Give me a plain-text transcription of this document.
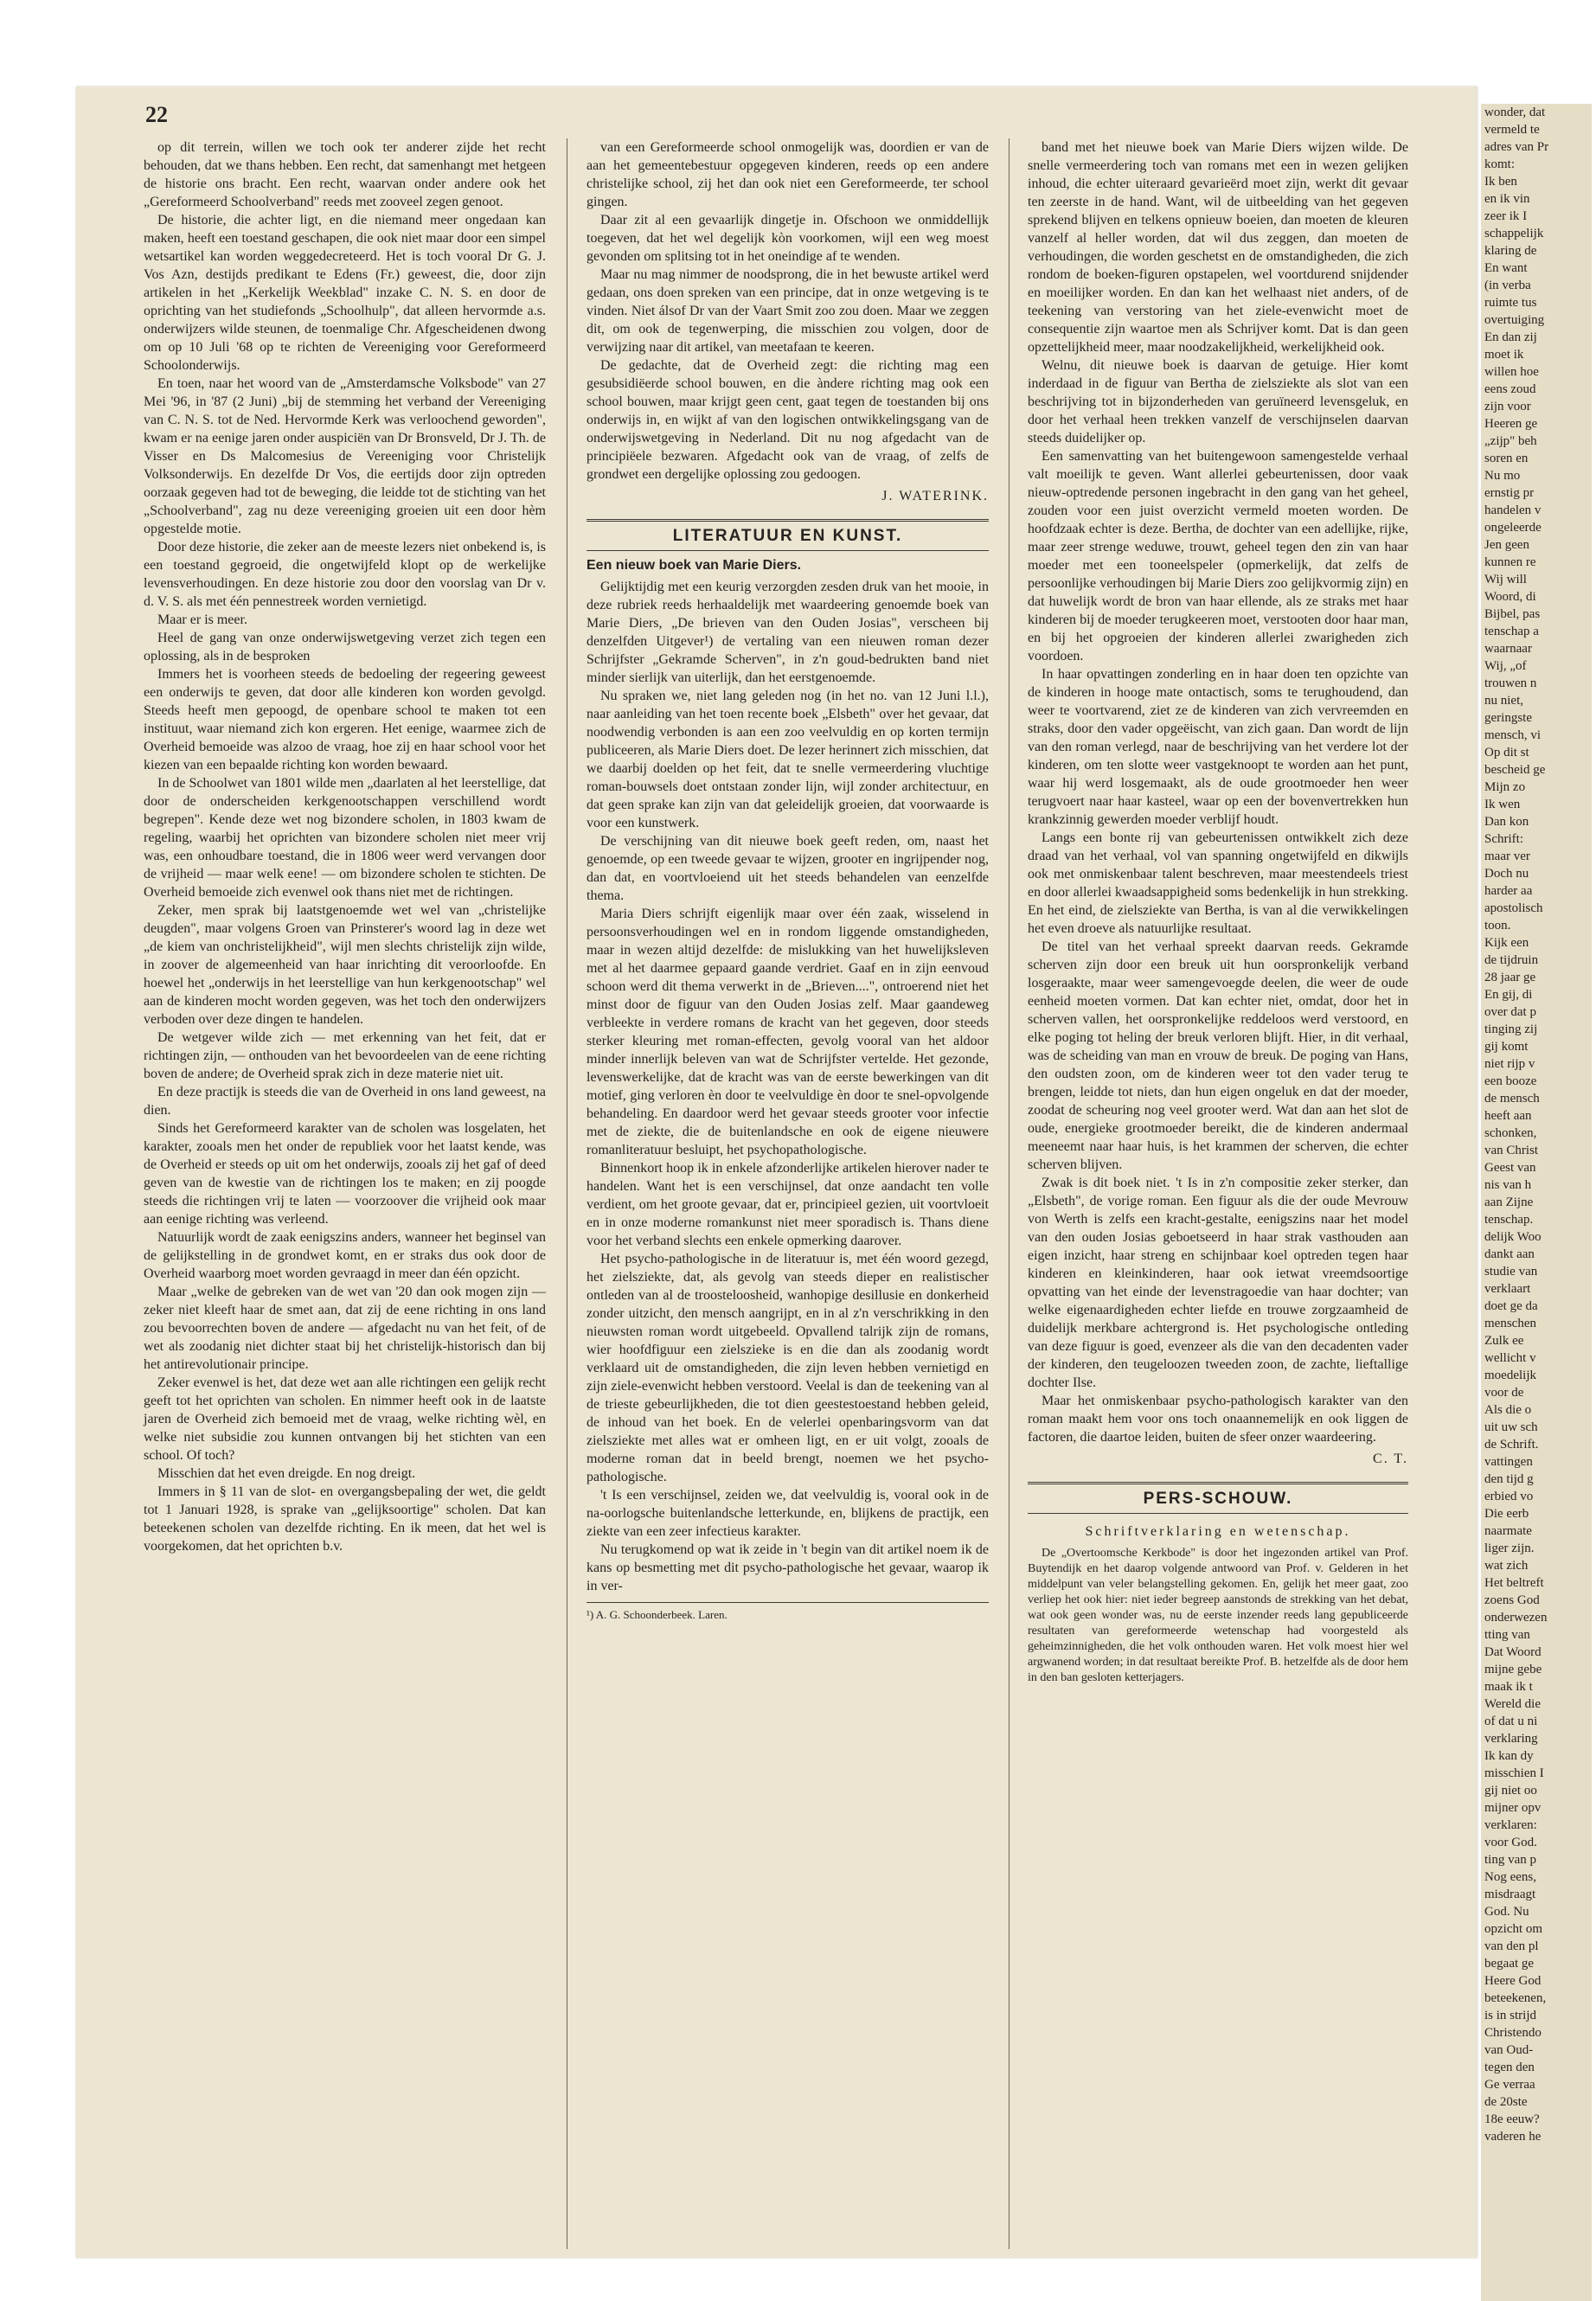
22

op dit terrein, willen we toch ook ter anderer zijde het recht behouden, dat we thans hebben. Een recht, dat samenhangt met hetgeen de historie ons bracht. Een recht, waarvan onder andere ook het „Gereformeerd Schoolverband" reeds met zooveel zegen genoot.

De historie, die achter ligt, en die niemand meer ongedaan kan maken, heeft een toestand geschapen, die ook niet maar door een simpel wetsartikel kan worden weggedecreteerd. Het is toch vooral Dr G. J. Vos Azn, destijds predikant te Edens (Fr.) geweest, die, door zijn artikelen in het „Kerkelijk Weekblad" inzake C. N. S. en door de oprichting van het studiefonds „Schoolhulp", dat alleen hervormde a.s. onderwijzers wilde steunen, de toenmalige Chr. Afgescheidenen dwong om op 10 Juli '68 op te richten de Vereeniging voor Gereformeerd Schoolonderwijs.

En toen, naar het woord van de „Amsterdamsche Volksbode" van 27 Mei '96, in '87 (2 Juni) „bij de stemming het verband der Vereeniging van C. N. S. tot de Ned. Hervormde Kerk was verloochend geworden", kwam er na eenige jaren onder auspiciën van Dr Bronsveld, Dr J. Th. de Visser en Ds Malcomesius de Vereeniging voor Christelijk Volksonderwijs. En dezelfde Dr Vos, die eertijds door zijn optreden oorzaak gegeven had tot de beweging, die leidde tot de stichting van het „Schoolverband", zag nu deze vereeniging groeien uit een door hèm opgestelde motie.

Door deze historie, die zeker aan de meeste lezers niet onbekend is, is een toestand gegroeid, die ongetwijfeld klopt op de werkelijke levensverhoudingen. En deze historie zou door den voorslag van Dr v. d. V. S. als met één pennestreek worden vernietigd.

Maar er is meer.

Heel de gang van onze onderwijswetgeving verzet zich tegen een oplossing, als in de besproken

Immers het is voorheen steeds de bedoeling der regeering geweest een onderwijs te geven, dat door alle kinderen kon worden gevolgd. Steeds heeft men gepoogd, de openbare school te maken tot een instituut, waar niemand zich kon ergeren. Het eenige, waarmee zich de Overheid bemoeide was alzoo de vraag, hoe zij en haar school voor het kiezen van een bepaalde richting kon worden bewaard.

In de Schoolwet van 1801 wilde men „daarlaten al het leerstellige, dat door de onderscheiden kerkgenootschappen verschillend wordt begrepen". Kende deze wet nog bizondere scholen, in 1803 kwam de regeling, waarbij het oprichten van bizondere scholen niet meer vrij was, een onhoudbare toestand, die in 1806 weer werd vervangen door de vrijheid — maar welk eene! — om bizondere scholen te stichten. De Overheid bemoeide zich evenwel ook thans niet met de richtingen.

Zeker, men sprak bij laatstgenoemde wet wel van „christelijke deugden", maar volgens Groen van Prinsterer's woord lag in deze wet „de kiem van onchristelijkheid", wijl men slechts christelijk zijn wilde, in zoover de algemeenheid van haar inrichting dit veroorloofde. En hoewel het „onderwijs in het leerstellige van hun kerkgenootschap" wel aan de kinderen mocht worden gegeven, was het toch den onderwijzers verboden over deze dingen te handelen.

De wetgever wilde zich — met erkenning van het feit, dat er richtingen zijn, — onthouden van het bevoordeelen van de eene richting boven de andere; de Overheid sprak zich in deze materie niet uit.

En deze practijk is steeds die van de Overheid in ons land geweest, na dien.

Sinds het Gereformeerd karakter van de scholen was losgelaten, het karakter, zooals men het onder de republiek voor het laatst kende, was de Overheid er steeds op uit om het onderwijs, zooals zij het gaf of deed geven van de kwestie van de richtingen los te maken; en zij poogde steeds die richtingen vrij te laten — voorzoover die vrijheid ook maar aan eenige richting was verleend.

Natuurlijk wordt de zaak eenigszins anders, wanneer het beginsel van de gelijkstelling in de grondwet komt, en er straks dus ook door de Overheid waarborg moet worden gevraagd in meer dan één opzicht.

Maar „welke de gebreken van de wet van '20 dan ook mogen zijn — zeker niet kleeft haar de smet aan, dat zij de eene richting in ons land zou bevoorrechten boven de andere — afgedacht nu van het feit, of de wet als zoodanig niet dichter staat bij het christelijk-historisch dan bij het antirevolutionair principe.

Zeker evenwel is het, dat deze wet aan alle richtingen een gelijk recht geeft tot het oprichten van scholen. En nimmer heeft ook in de laatste jaren de Overheid zich bemoeid met de vraag, welke richting wèl, en welke niet subsidie zou kunnen ontvangen bij het stichten van een school. Of toch?

Misschien dat het even dreigde. En nog dreigt.

Immers in § 11 van de slot- en overgangsbepaling der wet, die geldt tot 1 Januari 1928, is sprake van „gelijksoortige" scholen. Dat kan beteekenen scholen van dezelfde richting. En ik meen, dat het wel is voorgekomen, dat het oprichten b.v.

van een Gereformeerde school onmogelijk was, doordien er van de aan het gemeentebestuur opgegeven kinderen, reeds op een andere christelijke school, zij het dan ook niet een Gereformeerde, ter school gingen.

Daar zit al een gevaarlijk dingetje in. Ofschoon we onmiddellijk toegeven, dat het wel degelijk kòn voorkomen, wijl een weg moest gevonden om splitsing tot in het oneindige af te wenden.

Maar nu mag nimmer de noodsprong, die in het bewuste artikel werd gedaan, ons doen spreken van een principe, dat in onze wetgeving is te vinden. Niet álsof Dr van der Vaart Smit zoo zou doen. Maar we zeggen dit, om ook de tegenwerping, die misschien zou volgen, door de verwijzing naar dit artikel, van meetafaan te keeren.

De gedachte, dat de Overheid zegt: die richting mag een gesubsidiëerde school bouwen, en die àndere richting mag ook een school bouwen, maar krijgt geen cent, gaat tegen de toestanden bij ons onderwijs in, en wijkt af van den logischen ontwikkelingsgang van de onderwijswetgeving in Nederland. Dit nu nog afgedacht van de principiëele bezwaren. Afgedacht ook van de vraag, of zelfs de grondwet een dergelijke oplossing zou gedoogen.

J. WATERINK.
LITERATUUR EN KUNST.
Een nieuw boek van Marie Diers.

Gelijktijdig met een keurig verzorgden zesden druk van het mooie, in deze rubriek reeds herhaaldelijk met waardeering genoemde boek van Marie Diers, „De brieven van den Ouden Josias", verscheen bij denzelfden Uitgever¹) de vertaling van een nieuwen roman dezer Schrijfster „Gekramde Scherven", in z'n goud-bedrukten band niet minder sierlijk van uiterlijk, dan het eerstgenoemde.

Nu spraken we, niet lang geleden nog (in het no. van 12 Juni l.l.), naar aanleiding van het toen recente boek „Elsbeth" over het gevaar, dat noodwendig verbonden is aan een zoo veelvuldig en op korten termijn publiceeren, als Marie Diers doet. De lezer herinnert zich misschien, dat we daarbij doelden op het feit, dat te snelle vermeerdering vluchtige roman-bouwsels doet ontstaan zonder lijn, wijl zonder architectuur, en dat geen sprake kan zijn van dat geleidelijk groeien, dat voorwaarde is voor een kunstwerk.

De verschijning van dit nieuwe boek geeft reden, om, naast het genoemde, op een tweede gevaar te wijzen, grooter en ingrijpender nog, dan dat, en voortvloeiend uit het steeds behandelen van eenzelfde thema.

Maria Diers schrijft eigenlijk maar over één zaak, wisselend in persoonsverhoudingen wel en in rondom liggende omstandigheden, maar in wezen altijd dezelfde: de mislukking van het huwelijksleven met al het daarmee gepaard gaande verdriet. Gaaf en in zijn eenvoud schoon werd dit thema verwerkt in de „Brieven....", ontroerend niet het minst door de figuur van den Ouden Josias zelf. Maar gaandeweg verbleekte in verdere romans de kracht van het gegeven, door steeds sterker kleuring met roman-effecten, gevolg vooral van het aldoor minder innerlijk beleven van wat de Schrijfster vertelde. Het gezonde, levenswerkelijke, dat de kracht was van de eerste bewerkingen van dit motief, ging verloren èn door te veelvuldige èn door te snel-opvolgende behandeling. En daardoor werd het gevaar steeds grooter voor infectie met de ziekte, die de buitenlandsche en ook de eigene nieuwere romanliteratuur besluipt, het psychopathologische.

Binnenkort hoop ik in enkele afzonderlijke artikelen hierover nader te handelen. Want het is een verschijnsel, dat onze aandacht ten volle verdient, om het groote gevaar, dat er, principieel gezien, uit voortvloeit en in onze moderne romankunst niet meer sporadisch is. Thans diene voor het verband slechts een enkele opmerking daarover.

Het psycho-pathologische in de literatuur is, met één woord gezegd, het zielsziekte, dat, als gevolg van steeds dieper en realistischer ontleden van al de troosteloosheid, wanhopige desillusie en donkerheid zonder uitzicht, den mensch aangrijpt, en in al z'n verschrikking in den nieuwsten roman wordt uitgebeeld. Opvallend talrijk zijn de romans, wier hoofdfiguur een zielszieke is en die dan als zoodanig wordt verklaard uit de omstandigheden, die zijn leven hebben vernietigd en zijn ziele-evenwicht hebben verstoord. Veelal is dan de teekening van al de trieste gebeurlijkheden, die tot dien geestestoestand hebben geleid, de inhoud van het boek. En de velerlei openbaringsvorm van dat zielsziekte met alles wat er omheen ligt, en er uit volgt, zooals de moderne roman dat in beeld brengt, noemen we het psycho-pathologische.

't Is een verschijnsel, zeiden we, dat veelvuldig is, vooral ook in de na-oorlogsche buitenlandsche letterkunde, en, blijkens de practijk, een ziekte van een zeer infectieus karakter.

Nu terugkomend op wat ik zeide in 't begin van dit artikel noem ik de kans op besmetting met dit psycho-pathologische het gevaar, waarop ik in ver-

¹) A. G. Schoonderbeek. Laren.

band met het nieuwe boek van Marie Diers wijzen wilde. De snelle vermeerdering toch van romans met een in wezen gelijken inhoud, die echter uiteraard gevarieërd moet zijn, werkt dit gevaar ten zeerste in de hand. Want, wil de uitbeelding van het gegeven sprekend blijven en telkens opnieuw boeien, dan moeten de kleuren vanzelf al heller worden, dat wil dus zeggen, dan moeten de verhoudingen, die worden geschetst en de omstandigheden, die zich rondom de boeken-figuren opstapelen, wel voortdurend snijdender en moeilijker worden. En dan kan het welhaast niet anders, of de teekening van verstoring van het ziele-evenwicht moet de consequentie zijn waartoe men als Schrijver komt. Dat is dan geen opzettelijkheid meer, maar noodzakelijkheid, werkelijkheid ook.

Welnu, dit nieuwe boek is daarvan de getuige. Hier komt inderdaad in de figuur van Bertha de zielsziekte als slot van een beschrijving tot in bijzonderheden van geruïneerd levensgeluk, en door het verhaal heen trekken vanzelf de verschijnselen daarvan steeds duidelijker op.

Een samenvatting van het buitengewoon samengestelde verhaal valt moeilijk te geven. Want allerlei gebeurtenissen, door vaak nieuw-optredende personen ingebracht in den gang van het geheel, zouden voor een juist overzicht vermeld moeten worden. De hoofdzaak echter is deze. Bertha, de dochter van een adellijke, rijke, maar zeer strenge weduwe, trouwt, geheel tegen den zin van haar moeder met een tooneelspeler (opmerkelijk, dat zelfs de persoonlijke verhoudingen bij Marie Diers zoo gelijkvormig zijn) en dat huwelijk wordt de bron van haar ellende, als ze straks met haar kinderen bij de moeder terugkeeren moet, verstooten door haar man, en bij het opgroeien der kinderen allerlei zwarigheden zich voordoen.

In haar opvattingen zonderling en in haar doen ten opzichte van de kinderen in hooge mate ontactisch, soms te terughoudend, dan weer te voortvarend, ziet ze de kinderen van zich vervreemden en straks, door den vader opgeëischt, van zich gaan. Dan wordt de lijn van den roman verlegd, naar de beschrijving van het verdere lot der kinderen, om ten slotte weer vastgeknoopt te worden aan het punt, waar hij werd losgemaakt, als de oude grootmoeder hen weer terugvoert naar haar kasteel, waar op een der bovenvertrekken hun krankzinnig gewerden moeder verblijf houdt.

Langs een bonte rij van gebeurtenissen ontwikkelt zich deze draad van het verhaal, vol van spanning ongetwijfeld en dikwijls ook met onmiskenbaar talent beschreven, maar meestendeels triest en door allerlei kwaadsappigheid soms bedenkelijk in hun strekking. En het eind, de zielsziekte van Bertha, is van al die verwikkelingen het even droeve als natuurlijke resultaat.

De titel van het verhaal spreekt daarvan reeds. Gekramde scherven zijn door een breuk uit hun oorspronkelijk verband losgeraakte, maar weer samengevoegde deelen, die weer de oude eenheid moeten vormen. Dat kan echter niet, omdat, door het in scherven vallen, het oorspronkelijke reddeloos werd verstoord, en elke poging tot heling der breuk verloren blijft. Hier, in dit verhaal, was de scheiding van man en vrouw de breuk. De poging van Hans, den oudsten zoon, om de kinderen weer tot den vader terug te brengen, leidde tot niets, dan hun eigen ongeluk en dat der moeder, zoodat de scheuring nog veel grooter werd. Wat dan aan het slot de oude, energieke grootmoeder bereikt, die de kinderen andermaal meeneemt naar haar huis, is het krammen der scherven, die echter scherven blijven.

Zwak is dit boek niet. 't Is in z'n compositie zeker sterker, dan „Elsbeth", de vorige roman. Een figuur als die der oude Mevrouw von Werth is zelfs een kracht-gestalte, eenigszins naar het model van den ouden Josias geboetseerd in haar strak vasthouden aan eigen inzicht, haar streng en schijnbaar koel optreden tegen haar kinderen en kleinkinderen, haar ook ietwat vreemdsoortige opvatting van het einde der levenstragoedie van haar dochter; van welke eigenaardigheden echter liefde en trouwe zorgzaamheid de duidelijk merkbare achtergrond is. Het psychologische ontleding van deze figuur is goed, evenzeer als die van den decadenten vader der kinderen, den teugeloozen tweeden zoon, de zachte, lieftallige dochter Ilse.

Maar het onmiskenbaar psycho-pathologisch karakter van den roman maakt hem voor ons toch onaannemelijk en ook liggen de factoren, die daartoe leiden, buiten de sfeer onzer waardeering.

C. T.
PERS-SCHOUW.
Schriftverklaring en wetenschap.

De „Overtoomsche Kerkbode" is door het ingezonden artikel van Prof. Buytendijk en het daarop volgende antwoord van Prof. v. Gelderen in het middelpunt van veler belangstelling gekomen. En, gelijk het meer gaat, zoo verliep het ook hier: niet ieder begreep aanstonds de strekking van het debat, wat ook geen wonder was, nu de eerste inzender reeds lang gepubliceerde resultaten van gereformeerde wetenschap had voorgesteld als geheimzinnigheden, die het volk onthouden waren. Het volk moest hier wel argwanend worden; in dat resultaat bereikte Prof. B. hetzelfde als de door hem in den ban gesloten ketterjagers.

wonder, dat
vermeld te
adres van Pr
komt:
Ik ben
en ik vin
zeer ik I
schappelijk
klaring de
En want
(in verba
ruimte tus
overtuiging
En dan zij
moet ik
willen hoe
eens zoud
zijn voor
Heeren ge
„zijp" beh
soren en
Nu mo
ernstig pr
handelen v
ongeleerde
Jen geen
kunnen re
Wij will
Woord, di
Bijbel, pas
tenschap a
waarnaar
Wij, „of
trouwen n
nu niet,
geringste
mensch, vi
Op dit st
bescheid ge
Mijn zo
Ik wen
Dan kon
Schrift:
maar ver
Doch nu
harder aa
apostolisch
toon.
Kijk een
de tijdruin
28 jaar ge
En gij, di
over dat p
tinging zij
gij komt
niet rijp v
een booze
de mensch
heeft aan
schonken,
van Christ
Geest van
nis van h
aan Zijne
tenschap.
delijk Woo
dankt aan
studie van
verklaart
doet ge da
menschen
Zulk ee
wellicht v
moedelijk
voor de
Als die o
uit uw sch
de Schrift.
vattingen
den tijd g
erbied vo
Die eerb
naarmate
liger zijn.
wat zich
Het beltreft
zoens God
onderwezen
tting van
Dat Woord
mijne gebe
maak ik t
Wereld die
of dat u ni
verklaring
Ik kan dy
misschien I
gij niet oo
mijner opv
verklaren:
voor God.
ting van p
Nog eens,
misdraagt
God. Nu
opzicht om
van den pl
begaat ge
Heere God
beteekenen,
is in strijd
Christendo
van Oud-
tegen den
Ge verraa
de 20ste
18e eeuw?
vaderen he
